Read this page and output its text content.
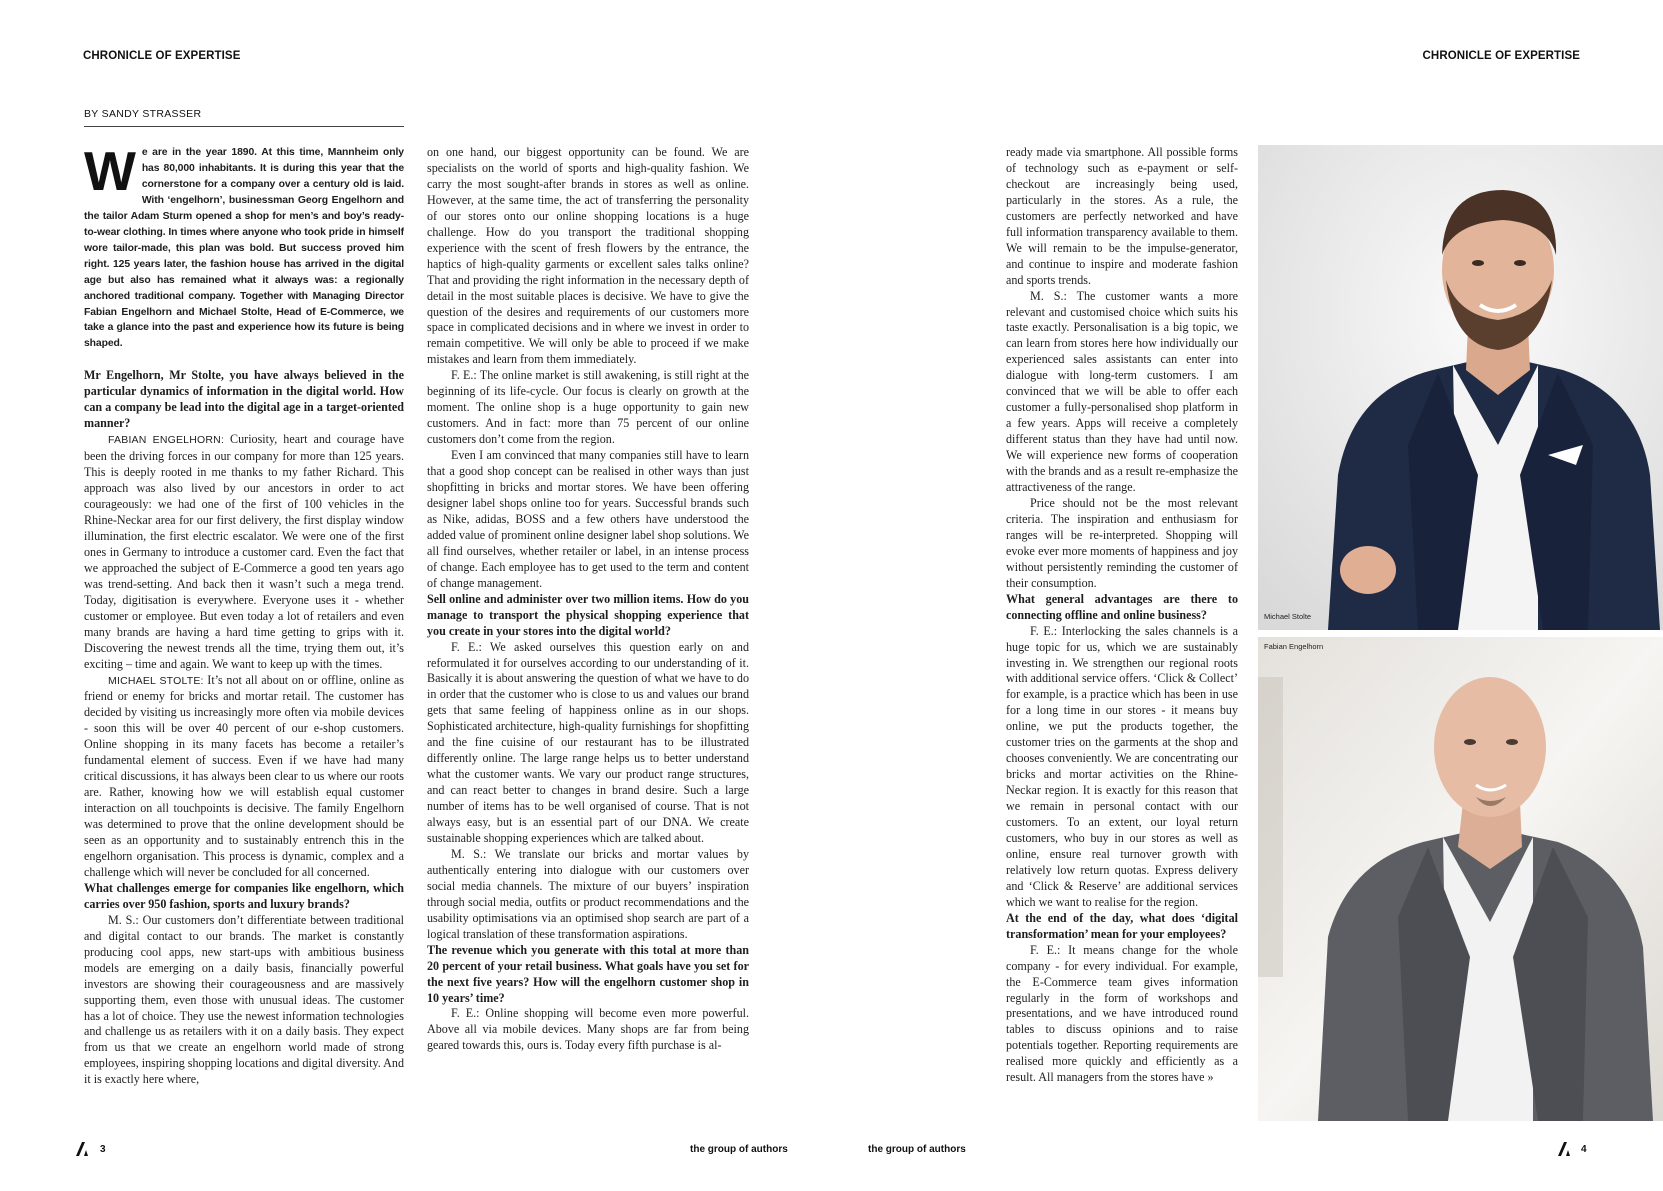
CHRONICLE OF EXPERTISE	CHRONICLE OF EXPERTISE
BY SANDY STRASSER
We are in the year 1890. At this time, Mannheim only has 80,000 inhabitants. It is during this year that the cornerstone for a company over a century old is laid. With ‘engelhorn’, businessman Georg Engelhorn and the tailor Adam Sturm opened a shop for men’s and boy’s ready-to-wear clothing. In times where anyone who took pride in himself wore tailor-made, this plan was bold. But success proved him right. 125 years later, the fashion house has arrived in the digital age but also has remained what it always was: a regionally anchored traditional company. Together with Managing Director Fabian Engelhorn and Michael Stolte, Head of E-Commerce, we take a glance into the past and experience how its future is being shaped.

Mr Engelhorn, Mr Stolte, you have always believed in the particular dynamics of information in the digital world. How can a company be lead into the digital age in a target-oriented manner?

FABIAN ENGELHORN: Curiosity, heart and courage have been the driving forces in our company for more than 125 years. This is deeply rooted in me thanks to my father Richard. This approach was also lived by our ancestors in order to act courageously: we had one of the first of 100 vehicles in the Rhine-Neckar area for our first delivery, the first display window illumination, the first electric escalator. We were one of the first ones in Germany to introduce a customer card. Even the fact that we approached the subject of E-Commerce a good ten years ago was trend-setting. And back then it wasn’t such a mega trend. Today, digitisation is everywhere. Everyone uses it - whether customer or employee. But even today a lot of retailers and even many brands are having a hard time getting to grips with it. Discovering the newest trends all the time, trying them out, it’s exciting – time and again. We want to keep up with the times.

MICHAEL STOLTE: It’s not all about on or offline, online as friend or enemy for bricks and mortar retail. The customer has decided by visiting us increasingly more often via mobile devices - soon this will be over 40 percent of our e-shop customers. Online shopping in its many facets has become a retailer’s fundamental element of success. Even if we have had many critical discussions, it has always been clear to us where our roots are. Rather, knowing how we will establish equal customer interaction on all touchpoints is decisive. The family Engelhorn was determined to prove that the online development should be seen as an opportunity and to sustainably entrench this in the engelhorn organisation. This process is dynamic, complex and a challenge which will never be concluded for all concerned.

What challenges emerge for companies like engelhorn, which carries over 950 fashion, sports and luxury brands?

M. S.: Our customers don’t differentiate between traditional and digital contact to our brands. The market is constantly producing cool apps, new start-ups with ambitious business models are emerging on a daily basis, financially powerful investors are showing their courageousness and are massively supporting them, even those with unusual ideas. The customer has a lot of choice. They use the newest information technologies and challenge us as retailers with it on a daily basis. They expect from us that we create an engelhorn world made of strong employees, inspiring shopping locations and digital diversity. And it is exactly here where,

on one hand, our biggest opportunity can be found. We are specialists on the world of sports and high-quality fashion. We carry the most sought-after brands in stores as well as online. However, at the same time, the act of transferring the personality of our stores onto our online shopping locations is a huge challenge. How do you transport the traditional shopping experience with the scent of fresh flowers by the entrance, the haptics of high-quality garments or excellent sales talks online? That and providing the right information in the necessary depth of detail in the most suitable places is decisive. We have to give the question of the desires and requirements of our customers more space in complicated decisions and in where we invest in order to remain competitive. We will only be able to proceed if we make mistakes and learn from them immediately.

F. E.: The online market is still awakening, is still right at the beginning of its life-cycle. Our focus is clearly on growth at the moment. The online shop is a huge opportunity to gain new customers. And in fact: more than 75 percent of our online customers don’t come from the region.

Even I am convinced that many companies still have to learn that a good shop concept can be realised in other ways than just shopfitting in bricks and mortar stores. We have been offering designer label shops online too for years. Successful brands such as Nike, adidas, BOSS and a few others have understood the added value of prominent online designer label shop solutions. We all find ourselves, whether retailer or label, in an intense process of change. Each employee has to get used to the term and content of change management.

Sell online and administer over two million items. How do you manage to transport the physical shopping experience that you create in your stores into the digital world?

F. E.: We asked ourselves this question early on and reformulated it for ourselves according to our understanding of it. Basically it is about answering the question of what we have to do in order that the customer who is close to us and values our brand gets that same feeling of happiness online as in our shops. Sophisticated architecture, high-quality furnishings for shopfitting and the fine cuisine of our restaurant has to be illustrated differently online. The large range helps us to better understand what the customer wants. We vary our product range structures, and can react better to changes in brand desire. Such a large number of items has to be well organised of course. That is not always easy, but is an essential part of our DNA. We create sustainable shopping experiences which are talked about.

M. S.: We translate our bricks and mortar values by authentically entering into dialogue with our customers over social media channels. The mixture of our buyers’ inspiration through social media, outfits or product recommendations and the usability optimisations via an optimised shop search are part of a logical translation of these transformation aspirations.

The revenue which you generate with this total at more than 20 percent of your retail business. What goals have you set for the next five years? How will the engelhorn customer shop in 10 years’ time?

F. E.: Online shopping will become even more powerful. Above all via mobile devices. Many shops are far from being geared towards this, ours is. Today every fifth purchase is al-

ready made via smartphone. All possible forms of technology such as e-payment or self-checkout are increasingly being used, particularly in the stores. As a rule, the customers are perfectly networked and have full information transparency available to them. We will remain to be the impulse-generator, and continue to inspire and moderate fashion and sports trends.

M. S.: The customer wants a more relevant and customised choice which suits his taste exactly. Personalisation is a big topic, we can learn from stores here how individually our experienced sales assistants can enter into dialogue with long-term customers. I am convinced that we will be able to offer each customer a fully-personalised shop platform in a few years. Apps will receive a completely different status than they have had until now. We will experience new forms of cooperation with the brands and as a result re-emphasize the attractiveness of the range.

Price should not be the most relevant criteria. The inspiration and enthusiasm for ranges will be re-interpreted. Shopping will evoke ever more moments of happiness and joy without persistently reminding the customer of their consumption.

What general advantages are there to connecting offline and online business?

F. E.: Interlocking the sales channels is a huge topic for us, which we are sustainably investing in. We strengthen our regional roots with additional service offers. ‘Click & Collect’ for example, is a practice which has been in use for a long time in our stores - it means buy online, we put the products together, the customer tries on the garments at the shop and chooses conveniently. We are concentrating our bricks and mortar activities on the Rhine-Neckar region. It is exactly for this reason that we remain in personal contact with our customers. To an extent, our loyal return customers, who buy in our stores as well as online, ensure real turnover growth with relatively low return quotas. Express delivery and ‘Click & Reserve’ are additional services which we want to realise for the region.

At the end of the day, what does ‘digital transformation’ mean for your employees?

F. E.: It means change for the whole company - for every individual. For example, the E-Commerce team gives information regularly in the form of workshops and presentations, and we have introduced round tables to discuss opinions and to raise potentials together. Reporting requirements are realised more quickly and efficiently as a result. All managers from the stores have »

Michael Stolte
Fabian Engelhorn
3	the group of authors	the group of authors	4
